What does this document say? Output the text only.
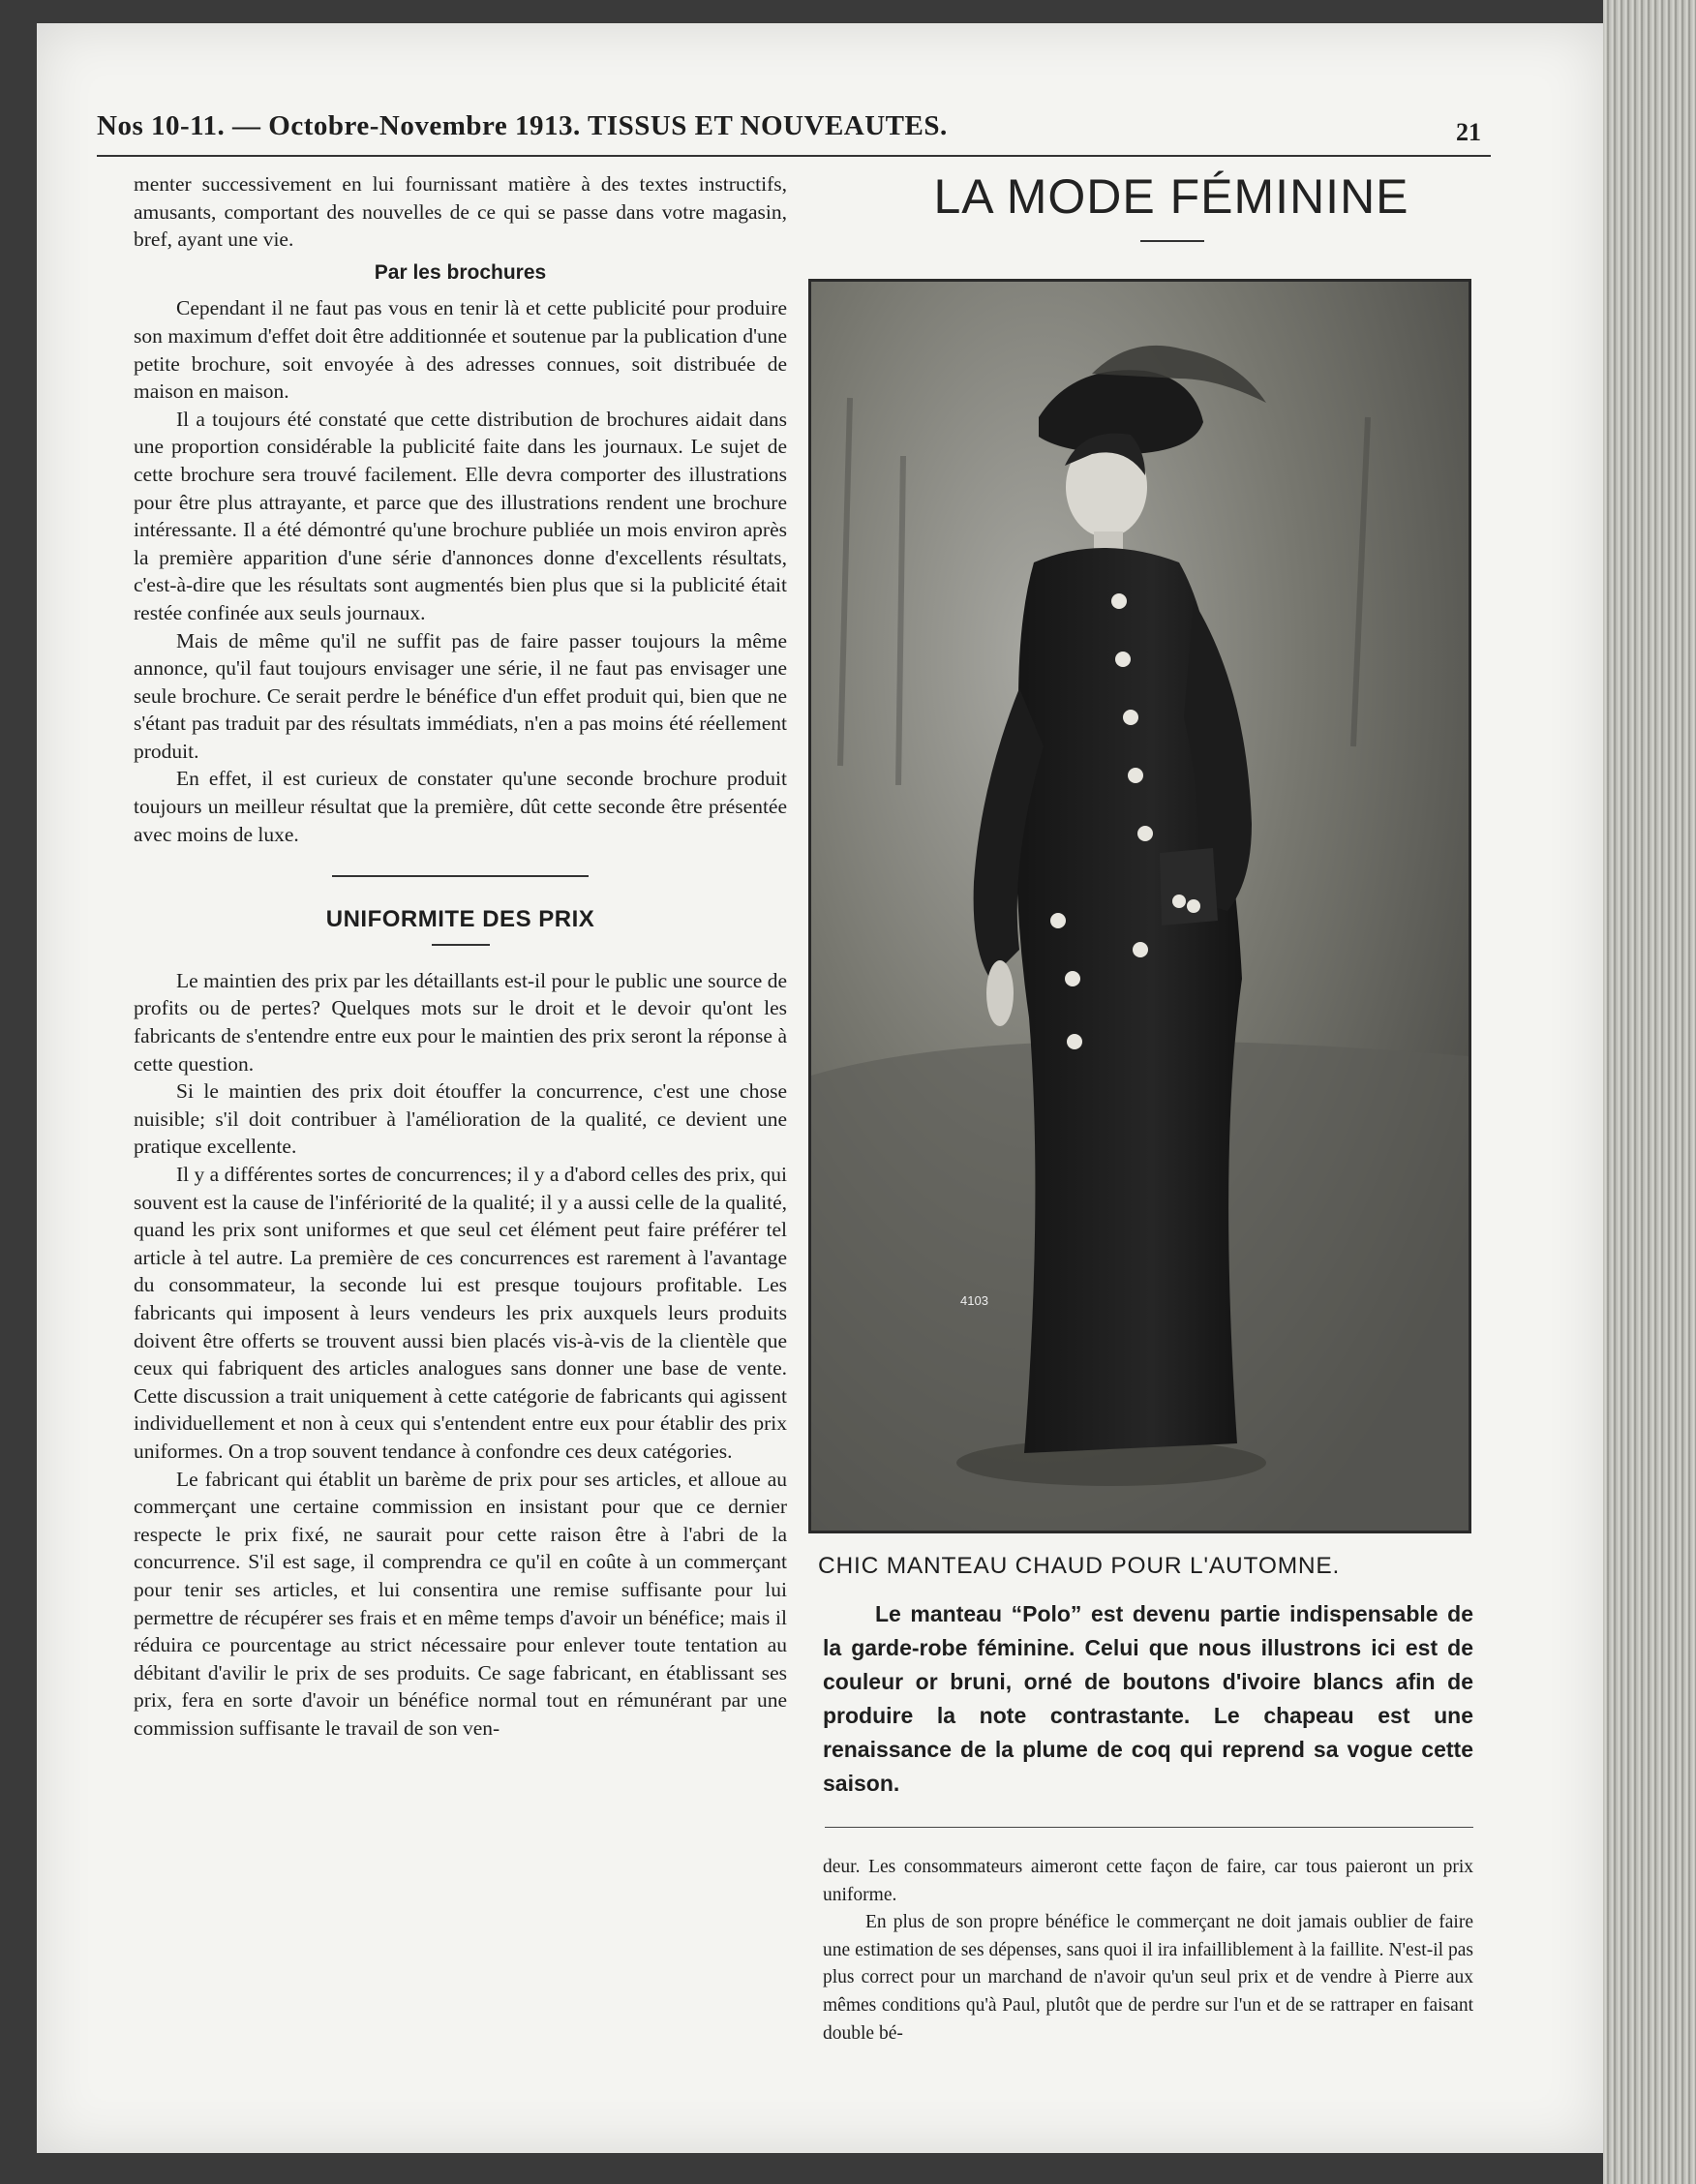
Nos 10-11. — Octobre-Novembre 1913. TISSUS ET NOUVEAUTES.	21

menter successivement en lui fournissant matière à des textes instructifs, amusants, comportant des nouvelles de ce qui se passe dans votre magasin, bref, ayant une vie.

Par les brochures

Cependant il ne faut pas vous en tenir là et cette publicité pour produire son maximum d'effet doit être additionnée et soutenue par la publication d'une petite brochure, soit envoyée à des adresses connues, soit distribuée de maison en maison.

Il a toujours été constaté que cette distribution de brochures aidait dans une proportion considérable la publicité faite dans les journaux. Le sujet de cette brochure sera trouvé facilement. Elle devra comporter des illustrations pour être plus attrayante, et parce que des illustrations rendent une brochure intéressante. Il a été démontré qu'une brochure publiée un mois environ après la première apparition d'une série d'annonces donne d'excellents résultats, c'est-à-dire que les résultats sont augmentés bien plus que si la publicité était restée confinée aux seuls journaux.

Mais de même qu'il ne suffit pas de faire passer toujours la même annonce, qu'il faut toujours envisager une série, il ne faut pas envisager une seule brochure. Ce serait perdre le bénéfice d'un effet produit qui, bien que ne s'étant pas traduit par des résultats immédiats, n'en a pas moins été réellement produit.

En effet, il est curieux de constater qu'une seconde brochure produit toujours un meilleur résultat que la première, dût cette seconde être présentée avec moins de luxe.

UNIFORMITE DES PRIX

Le maintien des prix par les détaillants est-il pour le public une source de profits ou de pertes? Quelques mots sur le droit et le devoir qu'ont les fabricants de s'entendre entre eux pour le maintien des prix seront la réponse à cette question.

Si le maintien des prix doit étouffer la concurrence, c'est une chose nuisible; s'il doit contribuer à l'amélioration de la qualité, ce devient une pratique excellente.

Il y a différentes sortes de concurrences; il y a d'abord celles des prix, qui souvent est la cause de l'infériorité de la qualité; il y a aussi celle de la qualité, quand les prix sont uniformes et que seul cet élément peut faire préférer tel article à tel autre. La première de ces concurrences est rarement à l'avantage du consommateur, la seconde lui est presque toujours profitable. Les fabricants qui imposent à leurs vendeurs les prix auxquels leurs produits doivent être offerts se trouvent aussi bien placés vis-à-vis de la clientèle que ceux qui fabriquent des articles analogues sans donner une base de vente. Cette discussion a trait uniquement à cette catégorie de fabricants qui agissent individuellement et non à ceux qui s'entendent entre eux pour établir des prix uniformes. On a trop souvent tendance à confondre ces deux catégories.

Le fabricant qui établit un barème de prix pour ses articles, et alloue au commerçant une certaine commission en insistant pour que ce dernier respecte le prix fixé, ne saurait pour cette raison être à l'abri de la concurrence. S'il est sage, il comprendra ce qu'il en coûte à un commerçant pour tenir ses articles, et lui consentira une remise suffisante pour lui permettre de récupérer ses frais et en même temps d'avoir un bénéfice; mais il réduira ce pourcentage au strict nécessaire pour enlever toute tentation au débitant d'avilir le prix de ses produits. Ce sage fabricant, en établissant ses prix, fera en sorte d'avoir un bénéfice normal tout en rémunérant par une commission suffisante le travail de son ven-

LA MODE FÉMININE
4103
CHIC MANTEAU CHAUD POUR L'AUTOMNE.

Le manteau “Polo” est devenu partie indispensable de la garde-robe féminine. Celui que nous illustrons ici est de couleur or bruni, orné de boutons d'ivoire blancs afin de produire la note contrastante. Le chapeau est une renaissance de la plume de coq qui reprend sa vogue cette saison.

deur. Les consommateurs aimeront cette façon de faire, car tous paieront un prix uniforme.

En plus de son propre bénéfice le commerçant ne doit jamais oublier de faire une estimation de ses dépenses, sans quoi il ira infailliblement à la faillite. N'est-il pas plus correct pour un marchand de n'avoir qu'un seul prix et de vendre à Pierre aux mêmes conditions qu'à Paul, plutôt que de perdre sur l'un et de se rattraper en faisant double bé-
